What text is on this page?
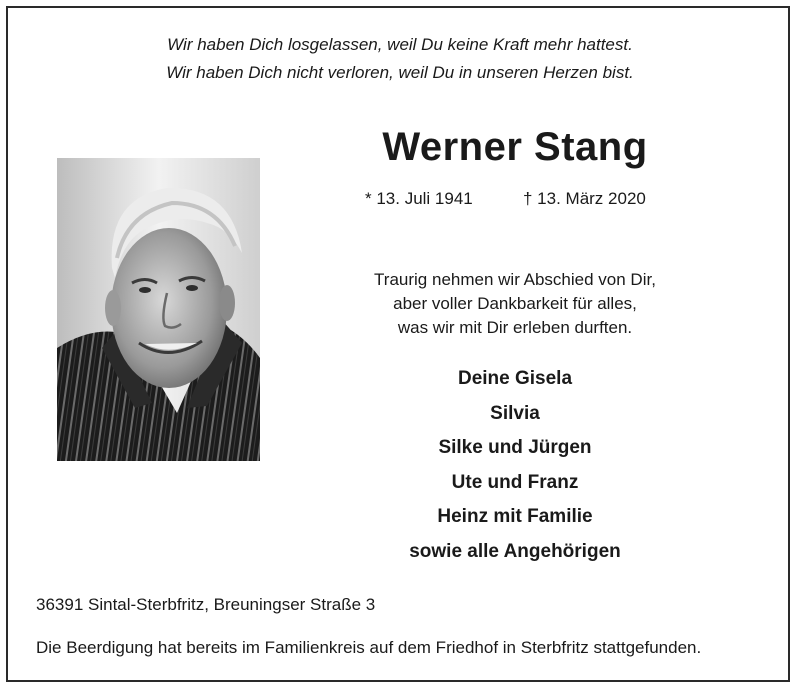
Wir haben Dich losgelassen, weil Du keine Kraft mehr hattest.
Wir haben Dich nicht verloren, weil Du in unseren Herzen bist.
Werner Stang
* 13. Juli 1941	† 13. März 2020
Traurig nehmen wir Abschied von Dir,
aber voller Dankbarkeit für alles,
was wir mit Dir erleben durften.
Deine Gisela
Silvia
Silke und Jürgen
Ute und Franz
Heinz mit Familie
sowie alle Angehörigen
36391 Sintal-Sterbfritz, Breuningser Straße 3
Die Beerdigung hat bereits im Familienkreis auf dem Friedhof in Sterbfritz stattgefunden.
